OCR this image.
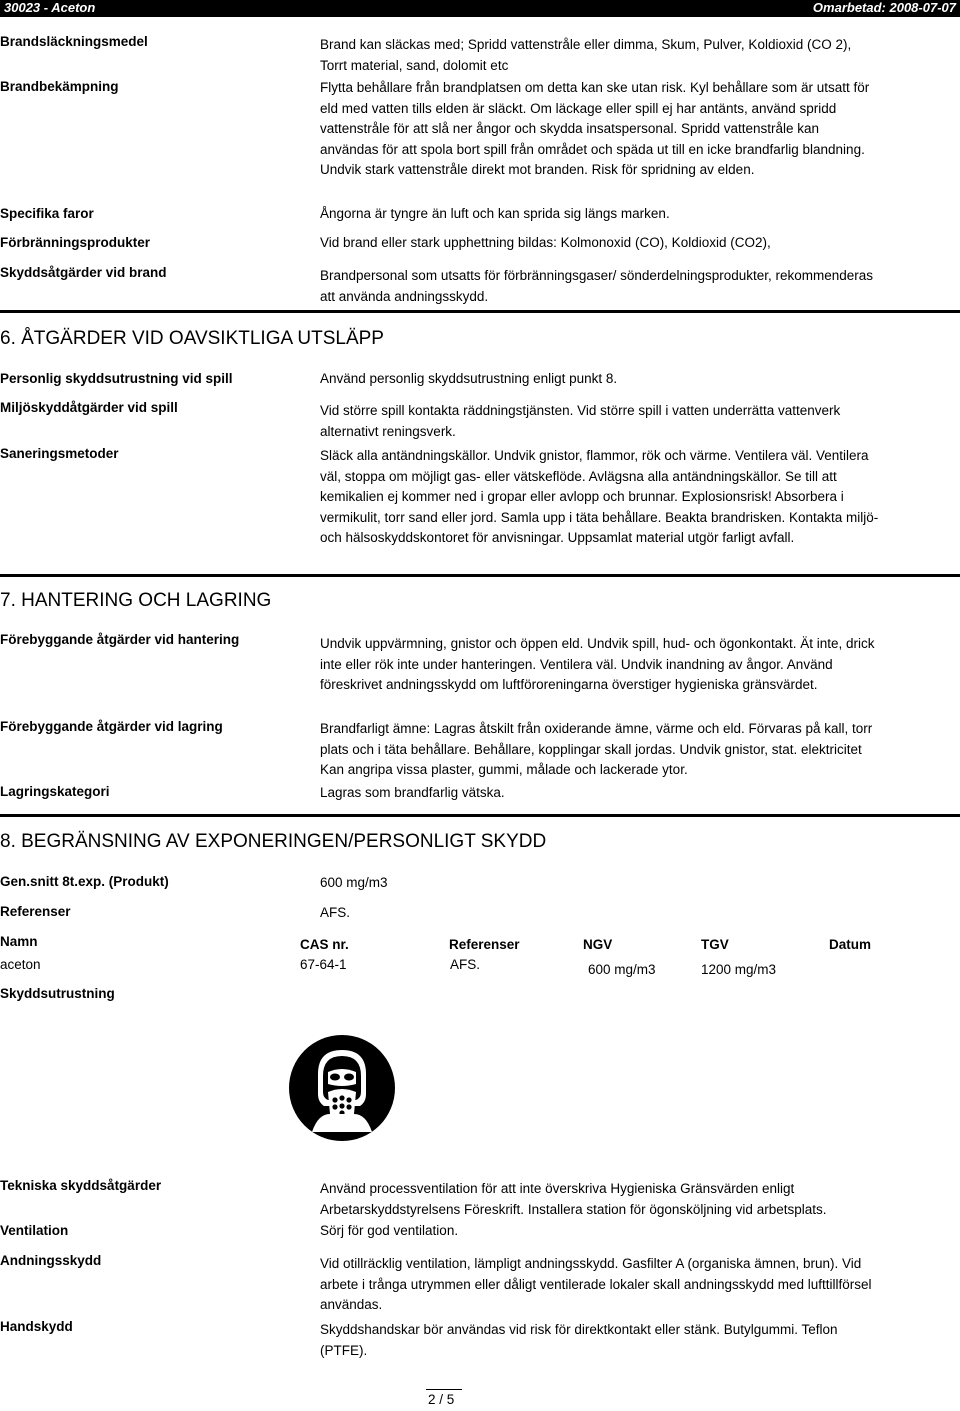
30023 - Aceton	Omarbetad: 2008-07-07
Brandsläckningsmedel	Brand kan släckas med; Spridd vattenstråle eller dimma, Skum, Pulver, Koldioxid (CO 2), Torrt material, sand, dolomit etc
Brandbekämpning	Flytta behållare från brandplatsen om detta kan ske utan risk. Kyl behållare som är utsatt för eld med vatten tills elden är släckt. Om läckage eller spill ej har antänts, använd spridd vattenstråle för att slå ner ångor och skydda insatspersonal. Spridd vattenstråle kan användas för att spola bort spill från området och späda ut till en icke brandfarlig blandning. Undvik stark vattenstråle direkt mot branden. Risk för spridning av elden.
Specifika faror	Ångorna är tyngre än luft och kan sprida sig längs marken.
Förbränningsprodukter	Vid brand eller stark upphettning bildas: Kolmonoxid (CO), Koldioxid (CO2),
Skyddsåtgärder vid brand	Brandpersonal som utsatts för förbränningsgaser/ sönderdelningsprodukter, rekommenderas att använda andningsskydd.
6. ÅTGÄRDER VID OAVSIKTLIGA UTSLÄPP
Personlig skyddsutrustning vid spill	Använd personlig skyddsutrustning enligt punkt 8.
Miljöskyddåtgärder vid spill	Vid större spill kontakta räddningstjänsten. Vid större spill i vatten underrätta vattenverk alternativt reningsverk.
Saneringsmetoder	Släck alla antändningskällor. Undvik gnistor, flammor, rök och värme. Ventilera väl. Ventilera väl, stoppa om möjligt gas- eller vätskeflöde. Avlägsna alla antändningskällor. Se till att kemikalien ej kommer ned i gropar eller avlopp och brunnar. Explosionsrisk! Absorbera i vermikulit, torr sand eller jord. Samla upp i täta behållare. Beakta brandrisken. Kontakta miljö- och hälsoskyddskontoret för anvisningar. Uppsamlat material utgör farligt avfall.
7. HANTERING OCH LAGRING
Förebyggande åtgärder vid hantering	Undvik uppvärmning, gnistor och öppen eld. Undvik spill, hud- och ögonkontakt. Ät inte, drick inte eller rök inte under hanteringen. Ventilera väl. Undvik inandning av ångor. Använd föreskrivet andningsskydd om luftföroreningarna överstiger hygieniska gränsvärdet.
Förebyggande åtgärder vid lagring	Brandfarligt ämne: Lagras åtskilt från oxiderande ämne, värme och eld. Förvaras på kall, torr plats och i täta behållare. Behållare, kopplingar skall jordas. Undvik gnistor, stat. elektricitet Kan angripa vissa plaster, gummi, målade och lackerade ytor.
Lagringskategori	Lagras som brandfarlig vätska.
8. BEGRÄNSNING AV EXPONERINGEN/PERSONLIGT SKYDD
Gen.snitt 8t.exp. (Produkt)	600 mg/m3
Referenser	AFS.
Namn	CAS nr.	Referenser	NGV	TGV	Datum
aceton	67-64-1	AFS.	600 mg/m3	1200 mg/m3
Skyddsutrustning
Tekniska skyddsåtgärder	Använd processventilation för att inte överskriva Hygieniska Gränsvärden enligt Arbetarskyddstyrelsens Föreskrift. Installera station för ögonsköljning vid arbetsplats.
Ventilation	Sörj för god ventilation.
Andningsskydd	Vid otillräcklig ventilation, lämpligt andningsskydd. Gasfilter A (organiska ämnen, brun). Vid arbete i trånga utrymmen eller dåligt ventilerade lokaler skall andningsskydd med lufttillförsel användas.
Handskydd	Skyddshandskar bör användas vid risk för direktkontakt eller stänk. Butylgummi. Teflon (PTFE).
2 / 5
